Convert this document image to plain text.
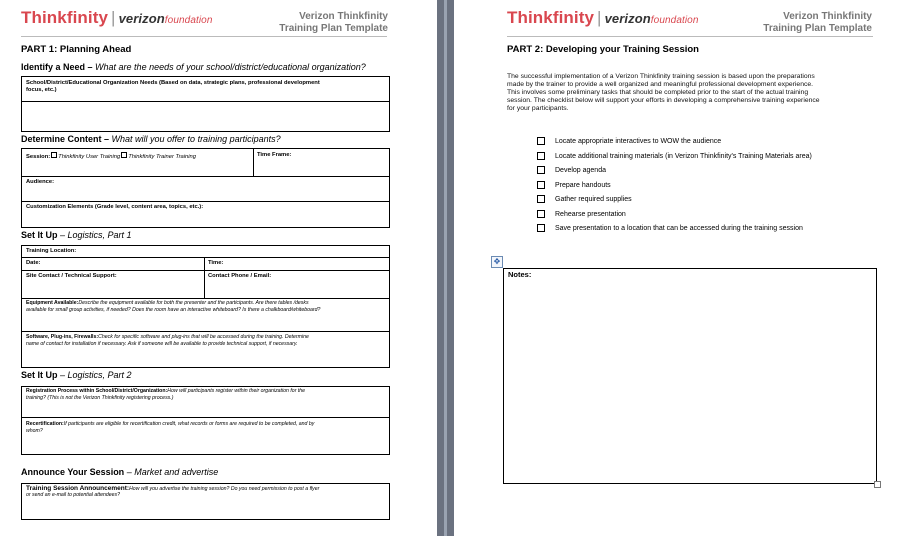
Thinkfinity | verizonfoundation	Verizon Thinkfinity
Training Plan Template
PART 1: Planning Ahead
Identify a Need – What are the needs of your school/district/educational organization?
School/District/Educational Organization Needs (Based on data, strategic plans, professional development
focus, etc.)
Determine Content – What will you offer to training participants?
Session: Thinkfinity User Training Thinkfinity Trainer Training	Time Frame:
Audience:
Customization Elements (Grade level, content area, topics, etc.):
Set It Up – Logistics, Part 1
Training Location:
Date:	Time:
Site Contact / Technical Support:	Contact Phone / Email:
Equipment Available:Describe the equipment available for both the presenter and the participants. Are there tables /desks
available for small group activities, if needed? Does the room have an interactive whiteboard? Is there a chalkboard/whiteboard?
Software, Plug-ins, Firewalls:Check for specific software and plug-ins that will be accessed during the training. Determine
name of contact for installation if necessary. Ask if someone will be available to provide technical support, if necessary.
Set It Up – Logistics, Part 2
Registration Process within School/District/Organization:How will participants register within their organization for the
training? (This is not the Verizon Thinkfinity registering process.)
Recertification:If participants are eligible for recertification credit, what records or forms are required to be completed, and by
whom?
Announce Your Session – Market and advertise
Training Session Announcement:How will you advertise the training session? Do you need permission to post a flyer
or send an e-mail to potential attendees?
Thinkfinity | verizonfoundation	Verizon Thinkfinity
Training Plan Template
PART 2: Developing your Training Session
The successful implementation of a Verizon Thinkfinity training session is based upon the preparations
made by the trainer to provide a well organized and meaningful professional development experience.
This involves some preliminary tasks that should be completed prior to the start of the actual training
session. The checklist below will support your efforts in developing a comprehensive training experience
for your participants.
Locate appropriate interactives to WOW the audience
Locate additional training materials (in Verizon Thinkfinity's Training Materials area)
Develop agenda
Prepare handouts
Gather required supplies
Rehearse presentation
Save presentation to a location that can be accessed during the training session
✥
Notes:
